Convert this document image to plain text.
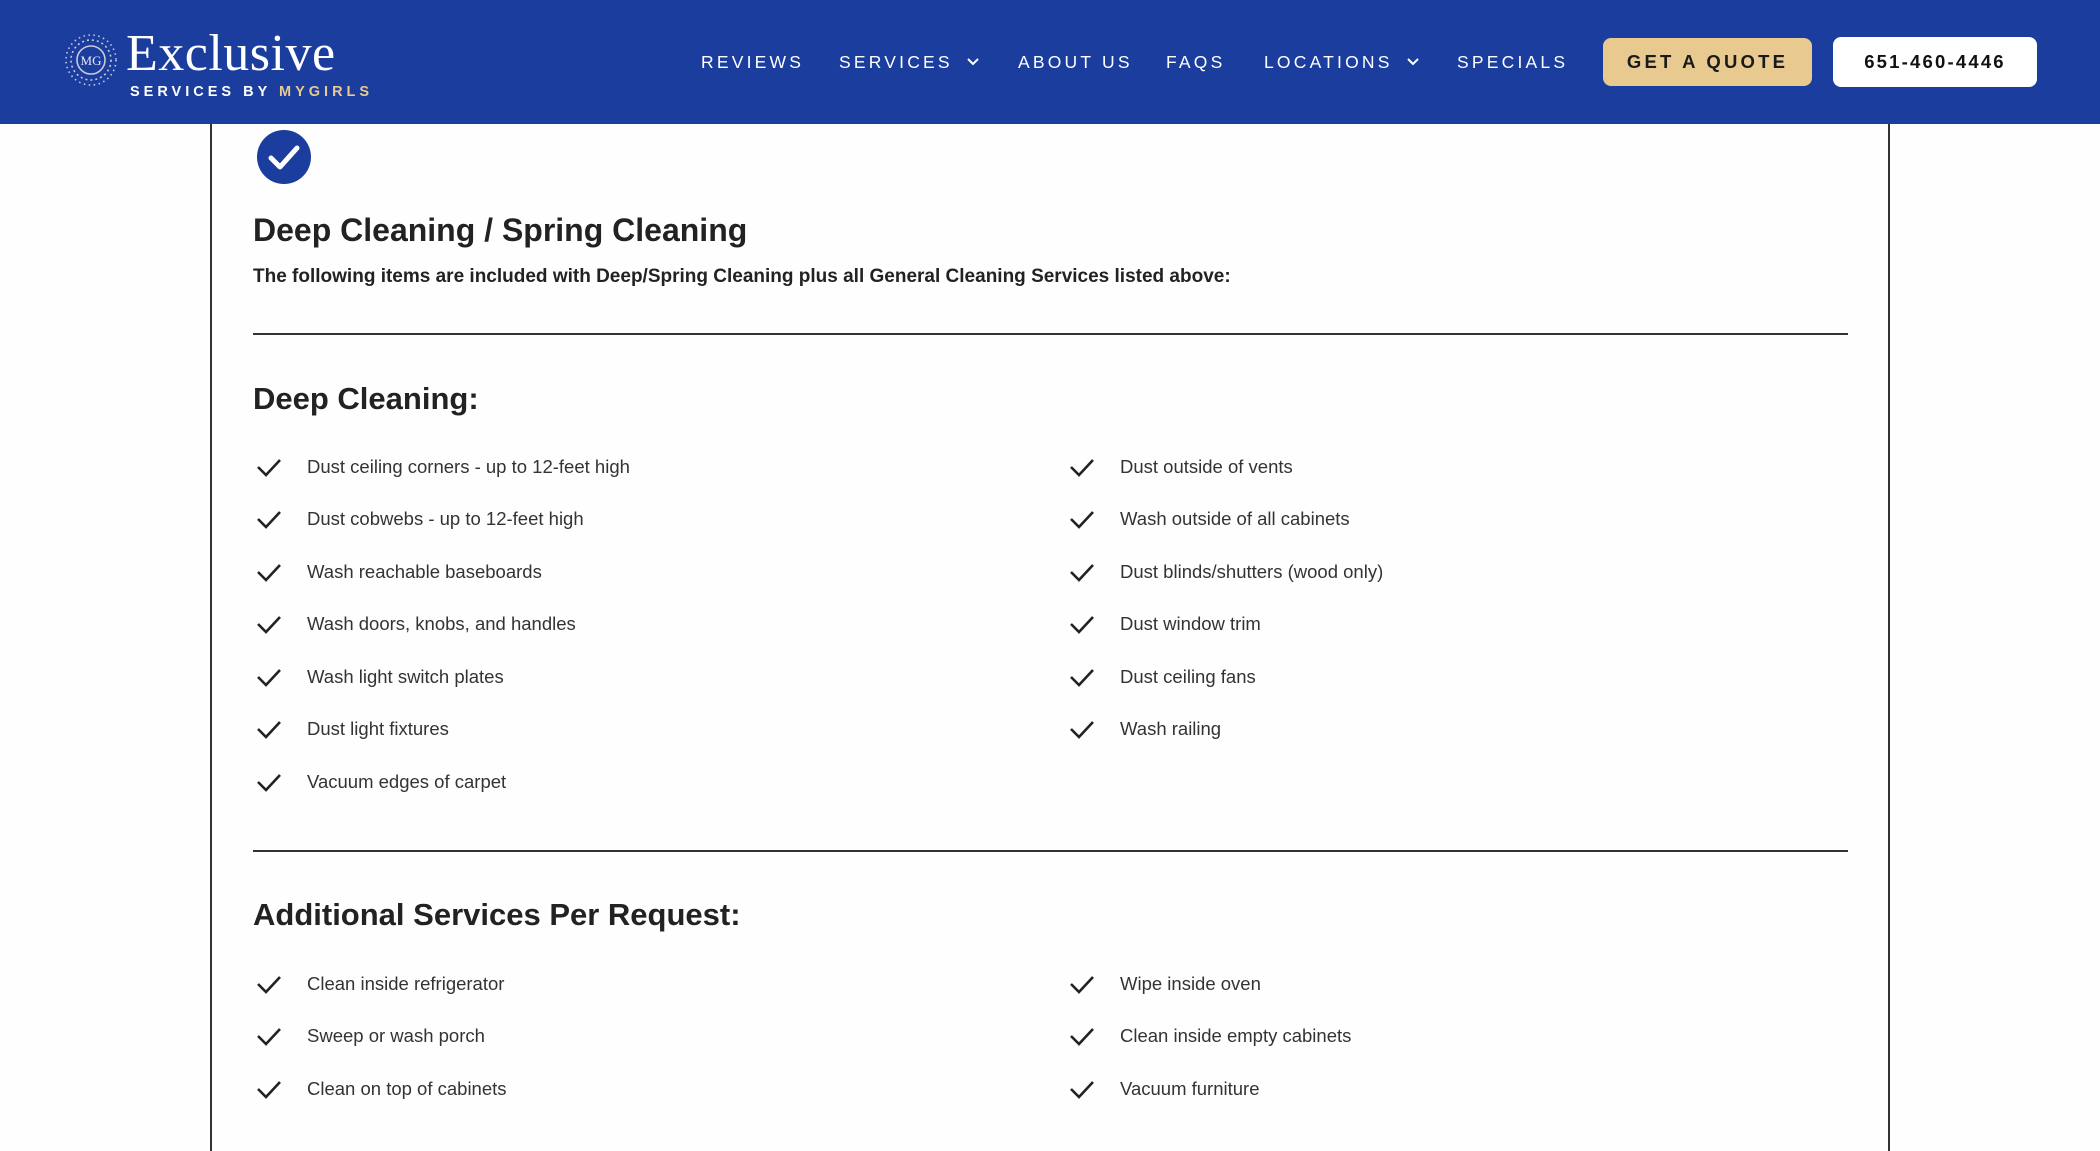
MG Exclusive
SERVICES BY MYGIRLS
REVIEWS SERVICES	ABOUT US FAQS LOCATIONS	SPECIALS	GET A QUOTE	651-460-4446
Deep Cleaning / Spring Cleaning
The following items are included with Deep/Spring Cleaning plus all General Cleaning Services listed above:
Deep Cleaning:
Dust ceiling corners - up to 12-feet high
Dust cobwebs - up to 12-feet high
Wash reachable baseboards
Wash doors, knobs, and handles
Wash light switch plates
Dust light fixtures
Vacuum edges of carpet
Dust outside of vents
Wash outside of all cabinets
Dust blinds/shutters (wood only)
Dust window trim
Dust ceiling fans
Wash railing
Additional Services Per Request:
Clean inside refrigerator
Sweep or wash porch
Clean on top of cabinets
Wipe inside oven
Clean inside empty cabinets
Vacuum furniture
